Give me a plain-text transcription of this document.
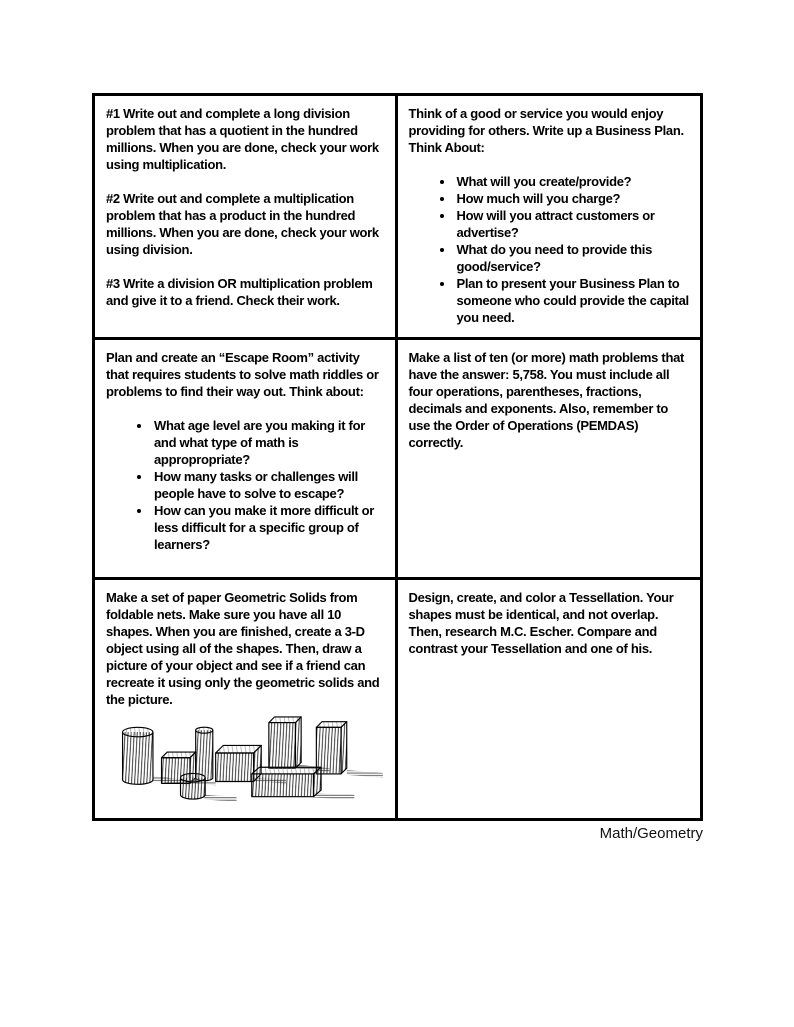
#1 Write out and complete a long division problem that has a quotient in the hundred millions. When you are done, check your work using multiplication.

#2 Write out and complete a multiplication problem that has a product in the hundred millions. When you are done, check your work using division.

#3 Write a division OR multiplication problem and give it to a friend. Check their work.

Think of a good or service you would enjoy providing for others. Write up a Business Plan. Think About:

• What will you create/provide?
• How much will you charge?
• How will you attract customers or advertise?
• What do you need to provide this good/service?
• Plan to present your Business Plan to someone who could provide the capital you need.

Plan and create an “Escape Room” activity that requires students to solve math riddles or problems to find their way out. Think about:

• What age level are you making it for and what type of math is appropropriate?
• How many tasks or challenges will people have to solve to escape?
• How can you make it more difficult or less difficult for a specific group of learners?

Make a list of ten (or more) math problems that have the answer: 5,758. You must include all four operations, parentheses, fractions, decimals and exponents. Also, remember to use the Order of Operations (PEMDAS) correctly.

Make a set of paper Geometric Solids from foldable nets. Make sure you have all 10 shapes. When you are finished, create a 3-D object using all of the shapes. Then, draw a picture of your object and see if a friend can recreate it using only the geometric solids and the picture.

Design, create, and color a Tessellation. Your shapes must be identical, and not overlap. Then, research M.C. Escher. Compare and contrast your Tessellation and one of his.

Math/Geometry
